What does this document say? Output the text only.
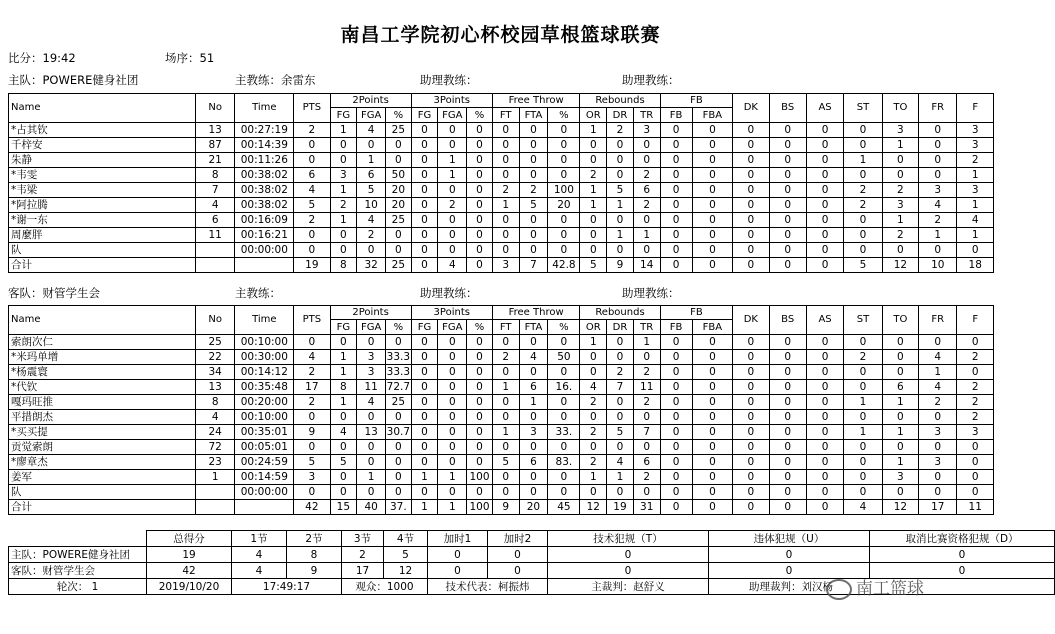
南昌工学院初心杯校园草根篮球联赛
比分：19:42	场序：51
主队：POWERE健身社团	主教练：余雷东	助理教练：	助理教练：
Name	No	Time	PTS	2Points			3Points			Free Throw			Rebounds			FB		DK	BS	AS	ST	TO	FR	F
				FG	FGA	%	FG	FGA	%	FT	FTA	%	OR	DR	TR	FB	FBA							
*占其钦	13	00:27:19	2	1	4	25	0	0	0	0	0	0	1	2	3	0	0	0	0	0	0	3	0	3
千梓安	87	00:14:39	0	0	0	0	0	0	0	0	0	0	0	0	0	0	0	0	0	0	0	1	0	3
朱静	21	00:11:26	0	0	1	0	0	1	0	0	0	0	0	0	0	0	0	0	0	0	1	0	0	2
*韦雯	8	00:38:02	6	3	6	50	0	1	0	0	0	0	2	0	2	0	0	0	0	0	0	0	0	1
*韦梁	7	00:38:02	4	1	5	20	0	0	0	2	2	100	1	5	6	0	0	0	0	0	2	2	3	3
*阿拉腾	4	00:38:02	5	2	10	20	0	2	0	1	5	20	1	1	2	0	0	0	0	0	2	3	4	1
*谢一东	6	00:16:09	2	1	4	25	0	0	0	0	0	0	0	0	0	0	0	0	0	0	0	1	2	4
周麼胖	11	00:16:21	0	0	2	0	0	0	0	0	0	0	0	1	1	0	0	0	0	0	0	2	1	1
队		00:00:00	0	0	0	0	0	0	0	0	0	0	0	0	0	0	0	0	0	0	0	0	0	0
合计			19	8	32	25	0	4	0	3	7	42.8	5	9	14	0	0	0	0	0	5	12	10	18
客队：财管学生会	主教练：	助理教练：	助理教练：
Name	No	Time	PTS	2Points			3Points			Free Throw			Rebounds			FB		DK	BS	AS	ST	TO	FR	F
				FG	FGA	%	FG	FGA	%	FT	FTA	%	OR	DR	TR	FB	FBA							
索朗次仁	25	00:10:00	0	0	0	0	0	0	0	0	0	0	1	0	1	0	0	0	0	0	0	0	0	0
*米玛单增	22	00:30:00	4	1	3	33.3	0	0	0	2	4	50	0	0	0	0	0	0	0	0	2	0	4	2
*杨震寰	34	00:14:12	2	1	3	33.3	0	0	0	0	0	0	0	2	2	0	0	0	0	0	0	0	1	0
*代钦	13	00:35:48	17	8	11	72.7	0	0	0	1	6	16.	4	7	11	0	0	0	0	0	0	6	4	2
嘎玛旺推	8	00:20:00	2	1	4	25	0	0	0	0	1	0	2	0	2	0	0	0	0	0	1	1	2	2
平措朗杰	4	00:10:00	0	0	0	0	0	0	0	0	0	0	0	0	0	0	0	0	0	0	0	0	0	2
*买买提	24	00:35:01	9	4	13	30.7	0	0	0	1	3	33.	2	5	7	0	0	0	0	0	1	1	3	3
贡觉索朗	72	00:05:01	0	0	0	0	0	0	0	0	0	0	0	0	0	0	0	0	0	0	0	0	0	0
*廖章杰	23	00:24:59	5	5	0	0	0	0	0	5	6	83.	2	4	6	0	0	0	0	0	0	1	3	0
姜军	1	00:14:59	3	0	1	0	1	1	100	0	0	0	1	1	2	0	0	0	0	0	0	3	0	0
队		00:00:00	0	0	0	0	0	0	0	0	0	0	0	0	0	0	0	0	0	0	0	0	0	0
合计			42	15	40	37.	1	1	100	9	20	45	12	19	31	0	0	0	0	0	4	12	17	11
	总得分	1节	2节	3节	4节	加时1	加时2	技术犯规（T）	违体犯规（U）	取消比赛资格犯规（D）
主队：POWERE健身社团	19	4	8	2	5	0	0	0	0	0
客队：财管学生会	42	4	9	17	12	0	0	0	0	0
轮次： 1	2019/10/20	17:49:17		观众：1000		技术代表：柯振炜		主裁判：赵舒义	助理裁判：刘汉杨		南工篮球
